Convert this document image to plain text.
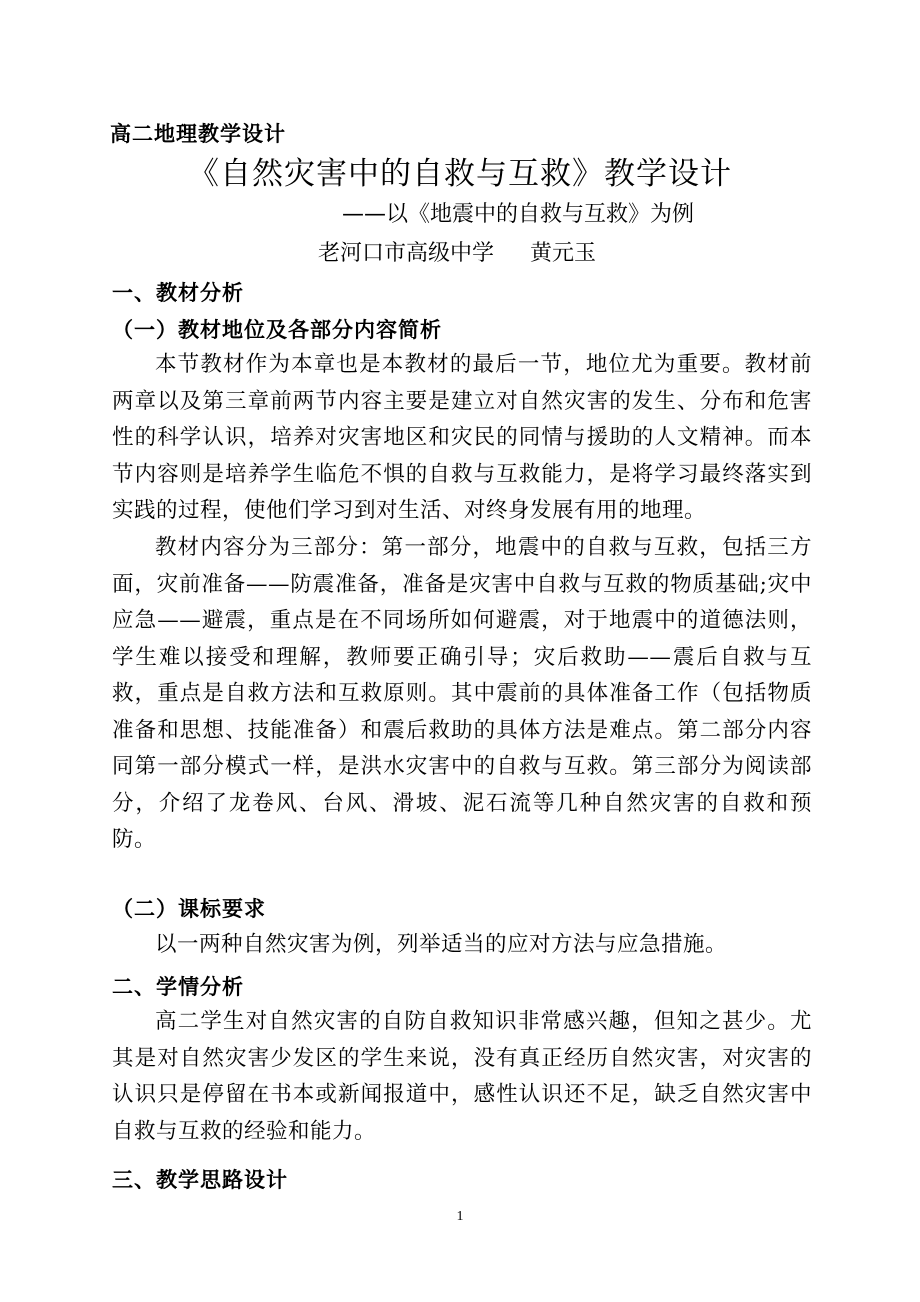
高二地理教学设计
《自然灾害中的自救与互救》教学设计
——以《地震中的自救与互救》为例
老河口市高级中学 黄元玉
一、教材分析
（一）教材地位及各部分内容简析
本节教材作为本章也是本教材的最后一节，地位尤为重要。教材前两章以及第三章前两节内容主要是建立对自然灾害的发生、分布和危害性的科学认识，培养对灾害地区和灾民的同情与援助的人文精神。而本节内容则是培养学生临危不惧的自救与互救能力，是将学习最终落实到实践的过程，使他们学习到对生活、对终身发展有用的地理。
教材内容分为三部分：第一部分，地震中的自救与互救，包括三方面，灾前准备——防震准备，准备是灾害中自救与互救的物质基础;灾中应急——避震，重点是在不同场所如何避震，对于地震中的道德法则，学生难以接受和理解，教师要正确引导；灾后救助——震后自救与互救，重点是自救方法和互救原则。其中震前的具体准备工作（包括物质准备和思想、技能准备）和震后救助的具体方法是难点。第二部分内容同第一部分模式一样，是洪水灾害中的自救与互救。第三部分为阅读部分，介绍了龙卷风、台风、滑坡、泥石流等几种自然灾害的自救和预防。
（二）课标要求
以一两种自然灾害为例，列举适当的应对方法与应急措施。
二、学情分析
高二学生对自然灾害的自防自救知识非常感兴趣，但知之甚少。尤其是对自然灾害少发区的学生来说，没有真正经历自然灾害，对灾害的认识只是停留在书本或新闻报道中，感性认识还不足，缺乏自然灾害中自救与互救的经验和能力。
三、教学思路设计
1
